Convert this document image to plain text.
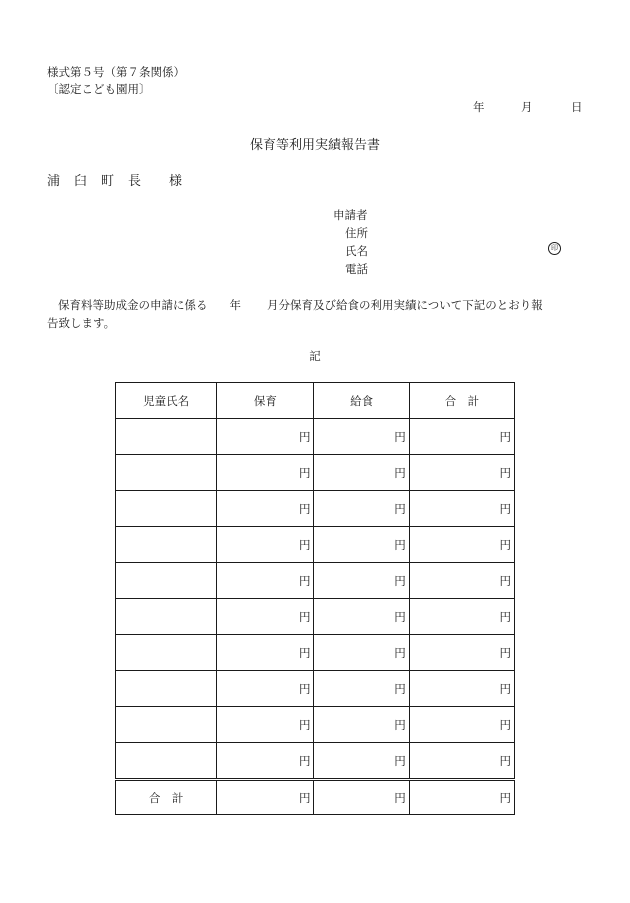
様式第５号（第７条関係）
〔認定こども園用〕
年	月	日
保育等利用実績報告書
浦 臼 町 長 様
申請者
住所
氏名	印
電話
保育料等助成金の申請に係る 年 月分保育及び給食の利用実績について下記のとおり報
告致します。
記
児童氏名	保育	給食	合　計
	円	円	円
	円	円	円
	円	円	円
	円	円	円
	円	円	円
	円	円	円
	円	円	円
	円	円	円
	円	円	円
	円	円	円
合　計	円	円	円
